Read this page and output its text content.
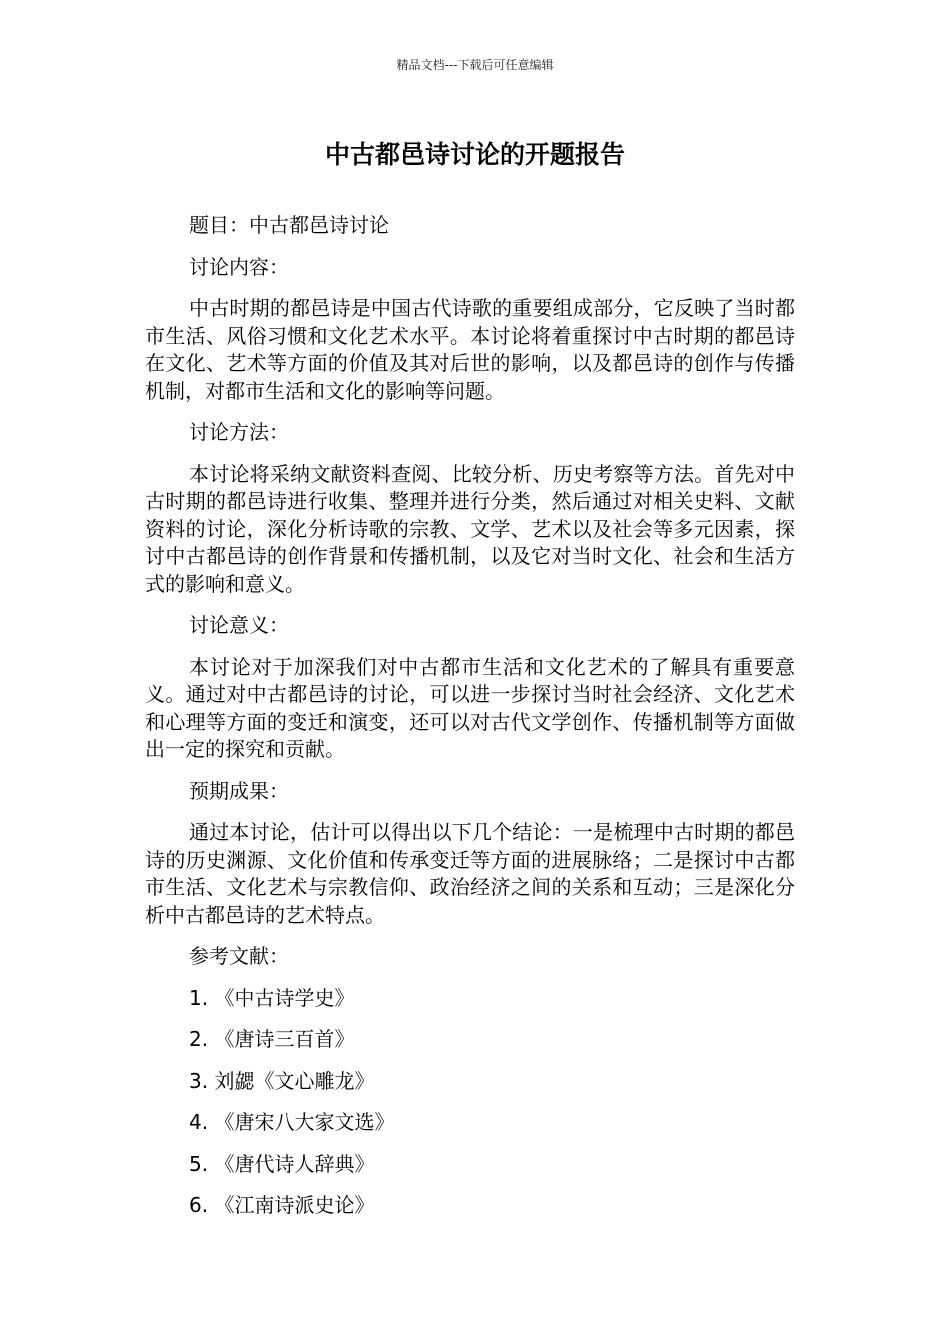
精品文档---下载后可任意编辑
中古都邑诗讨论的开题报告

题目：中古都邑诗讨论

讨论内容：

中古时期的都邑诗是中国古代诗歌的重要组成部分，它反映了当时都市生活、风俗习惯和文化艺术水平。本讨论将着重探讨中古时期的都邑诗在文化、艺术等方面的价值及其对后世的影响，以及都邑诗的创作与传播机制，对都市生活和文化的影响等问题。

讨论方法：

本讨论将采纳文献资料查阅、比较分析、历史考察等方法。首先对中古时期的都邑诗进行收集、整理并进行分类，然后通过对相关史料、文献资料的讨论，深化分析诗歌的宗教、文学、艺术以及社会等多元因素，探讨中古都邑诗的创作背景和传播机制，以及它对当时文化、社会和生活方式的影响和意义。

讨论意义：

本讨论对于加深我们对中古都市生活和文化艺术的了解具有重要意义。通过对中古都邑诗的讨论，可以进一步探讨当时社会经济、文化艺术和心理等方面的变迁和演变，还可以对古代文学创作、传播机制等方面做出一定的探究和贡献。

预期成果：

通过本讨论，估计可以得出以下几个结论：一是梳理中古时期的都邑诗的历史渊源、文化价值和传承变迁等方面的进展脉络；二是探讨中古都市生活、文化艺术与宗教信仰、政治经济之间的关系和互动；三是深化分析中古都邑诗的艺术特点。

参考文献：

1. 《中古诗学史》

2. 《唐诗三百首》

3. 刘勰《文心雕龙》

4. 《唐宋八大家文选》

5. 《唐代诗人辞典》

6. 《江南诗派史论》
